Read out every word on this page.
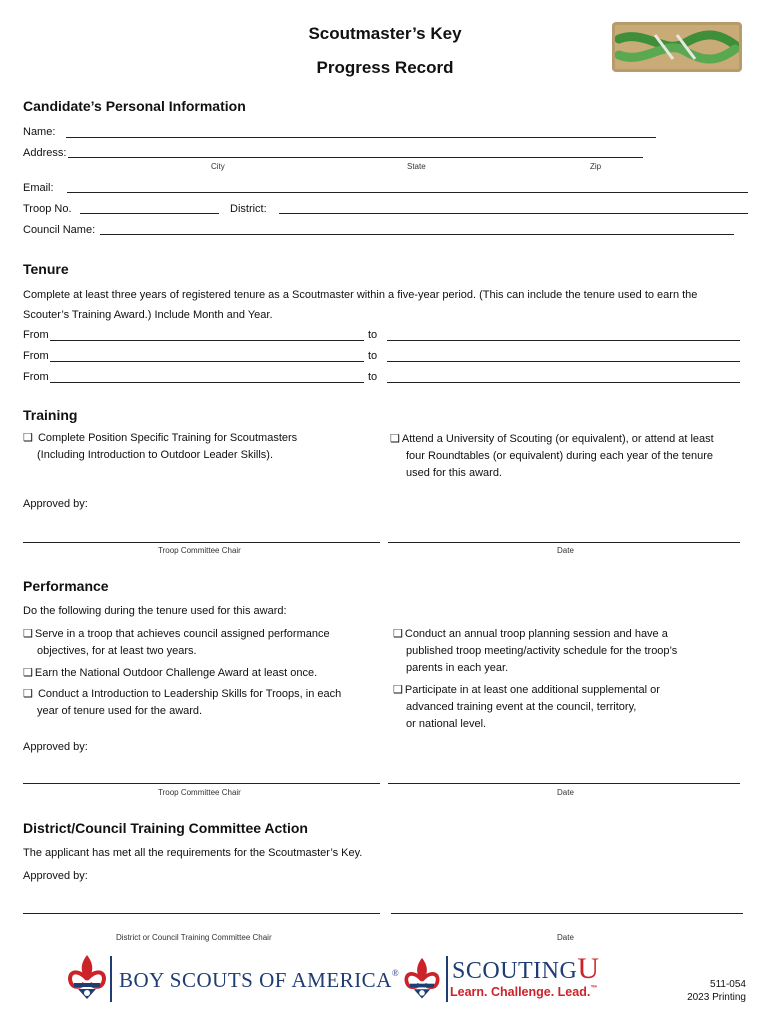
Scoutmaster’s Key
Progress Record
Candidate’s Personal Information
Name:
Address:
City	State	Zip
Email:
Troop No.	District:
Council Name:
Tenure
Complete at least three years of registered tenure as a Scoutmaster within a five-year period. (This can include the tenure used to earn the
Scouter’s Training Award.) Include Month and Year.
From	to
From	to
From	to
Training
❑ Complete Position Specific Training for Scoutmasters
(Including Introduction to Outdoor Leader Skills).
❑ Attend a University of Scouting (or equivalent), or attend at least
four Roundtables (or equivalent) during each year of the tenure
used for this award.
Approved by:
Troop Committee Chair	Date
Performance
Do the following during the tenure used for this award:
❑ Serve in a troop that achieves council assigned performance
objectives, for at least two years.
❑ Earn the National Outdoor Challenge Award at least once.
❑ Conduct a Introduction to Leadership Skills for Troops, in each
year of tenure used for the award.
❑ Conduct an annual troop planning session and have a
published troop meeting/activity schedule for the troop’s
parents in each year.
❑ Participate in at least one additional supplemental or
advanced training event at the council, territory,
or national level.
Approved by:
Troop Committee Chair	Date
District/Council Training Committee Action
The applicant has met all the requirements for the Scoutmaster’s Key.
Approved by:
District or Council Training Committee Chair	Date
BOY SCOUTS OF AMERICA® SCOUTINGU
Learn. Challenge. Lead.™	511-054
2023 Printing
